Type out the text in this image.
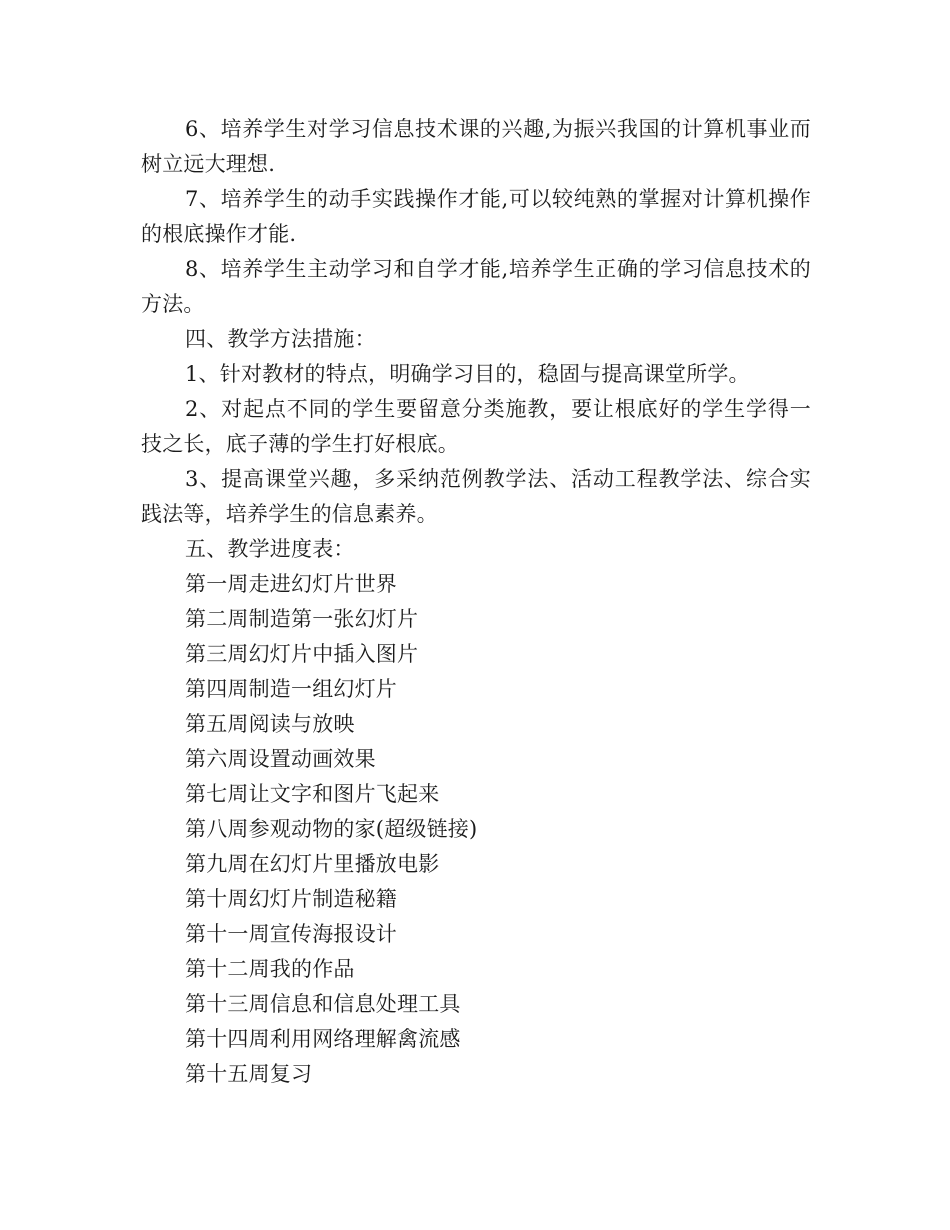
6、培养学生对学习信息技术课的兴趣,为振兴我国的计算机事业而树立远大理想.

7、培养学生的动手实践操作才能,可以较纯熟的掌握对计算机操作的根底操作才能.

8、培养学生主动学习和自学才能,培养学生正确的学习信息技术的方法。

四、教学方法措施：

1、针对教材的特点，明确学习目的，稳固与提高课堂所学。

2、对起点不同的学生要留意分类施教，要让根底好的学生学得一技之长，底子薄的学生打好根底。

3、提高课堂兴趣，多采纳范例教学法、活动工程教学法、综合实践法等，培养学生的信息素养。

五、教学进度表：

第一周走进幻灯片世界

第二周制造第一张幻灯片

第三周幻灯片中插入图片

第四周制造一组幻灯片

第五周阅读与放映

第六周设置动画效果

第七周让文字和图片飞起来

第八周参观动物的家(超级链接)

第九周在幻灯片里播放电影

第十周幻灯片制造秘籍

第十一周宣传海报设计

第十二周我的作品

第十三周信息和信息处理工具

第十四周利用网络理解禽流感

第十五周复习
